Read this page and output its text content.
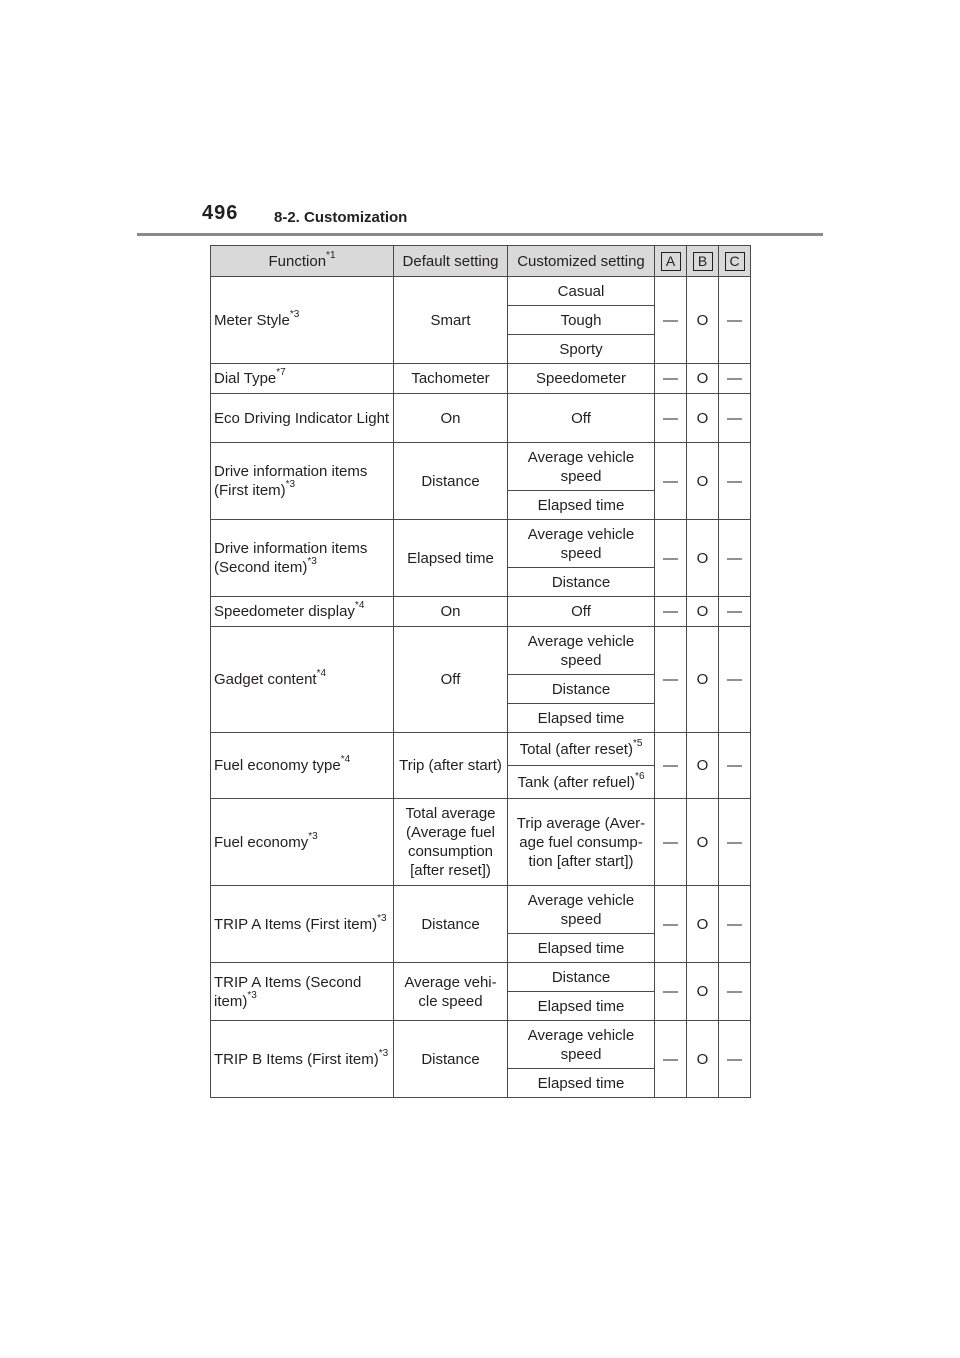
496 8-2. Customization
Function$^{*1}$	Default setting	Customized setting	A	B	C
Meter Style$^{*3}$	Smart	Casual	—	O	—
		Tough			
		Sporty			
Dial Type$^{*7}$	Tachometer	Speedometer	—	O	—
Eco Driving Indicator Light	On	Off	—	O	—
Drive information items (First item)$^{*3}$	Distance	Average vehicle speed	—	O	—
		Elapsed time			
Drive information items (Second item)$^{*3}$	Elapsed time	Average vehicle speed	—	O	—
		Distance			
Speedometer display$^{*4}$	On	Off	—	O	—
Gadget content$^{*4}$	Off	Average vehicle speed	—	O	—
		Distance			
		Elapsed time			
Fuel economy type$^{*4}$	Trip (after start)	Total (after reset)$^{*5}$	—	O	—
		Tank (after refuel)$^{*6}$
Fuel economy$^{*3}$	Total average (Average fuel consumption [after reset])	Trip average (Aver-age fuel consump-tion [after start])	—	O	—
TRIP A Items (First item)$^{*3}$	Distance	Average vehicle speed	—	O	—
		Elapsed time			
TRIP A Items (Second item)$^{*3}$	Average vehi-cle speed	Distance	—	O	—
		Elapsed time			
TRIP B Items (First item)$^{*3}$	Distance	Average vehicle speed	—	O	—
		Elapsed time			
